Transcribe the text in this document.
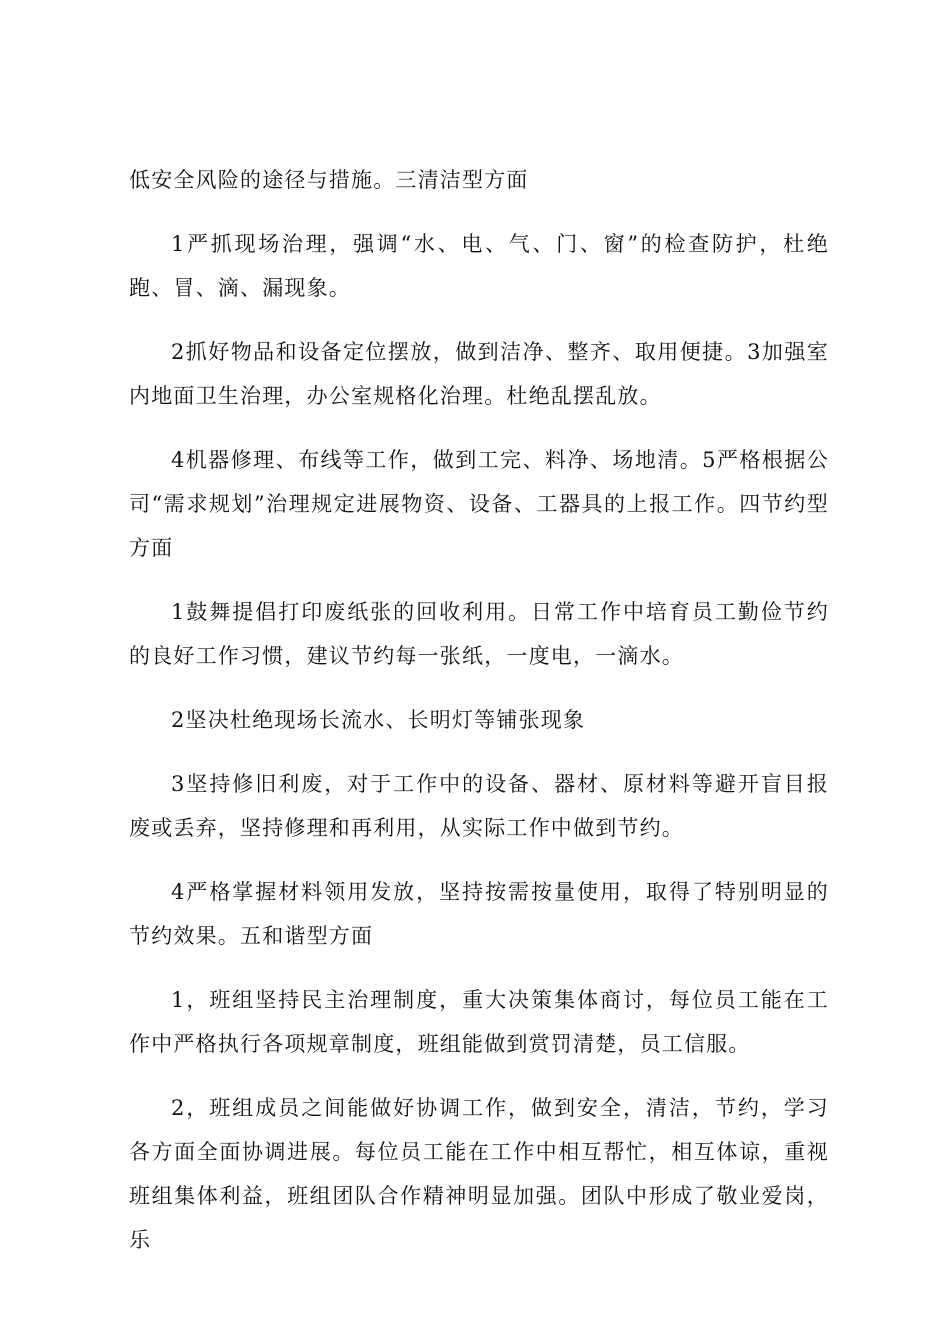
低安全风险的途径与措施。三清洁型方面

1严抓现场治理，强调“水、电、气、门、窗”的检查防护，杜绝跑、冒、滴、漏现象。

2抓好物品和设备定位摆放，做到洁净、整齐、取用便捷。3加强室内地面卫生治理，办公室规格化治理。杜绝乱摆乱放。

4机器修理、布线等工作，做到工完、料净、场地清。5严格根据公司“需求规划”治理规定进展物资、设备、工器具的上报工作。四节约型方面

1鼓舞提倡打印废纸张的回收利用。日常工作中培育员工勤俭节约的良好工作习惯，建议节约每一张纸，一度电，一滴水。

2坚决杜绝现场长流水、长明灯等铺张现象

3坚持修旧利废，对于工作中的设备、器材、原材料等避开盲目报废或丢弃，坚持修理和再利用，从实际工作中做到节约。

4严格掌握材料领用发放，坚持按需按量使用，取得了特别明显的节约效果。五和谐型方面

1，班组坚持民主治理制度，重大决策集体商讨，每位员工能在工作中严格执行各项规章制度，班组能做到赏罚清楚，员工信服。

2，班组成员之间能做好协调工作，做到安全，清洁，节约，学习各方面全面协调进展。每位员工能在工作中相互帮忙，相互体谅，重视班组集体利益，班组团队合作精神明显加强。团队中形成了敬业爱岗，乐
